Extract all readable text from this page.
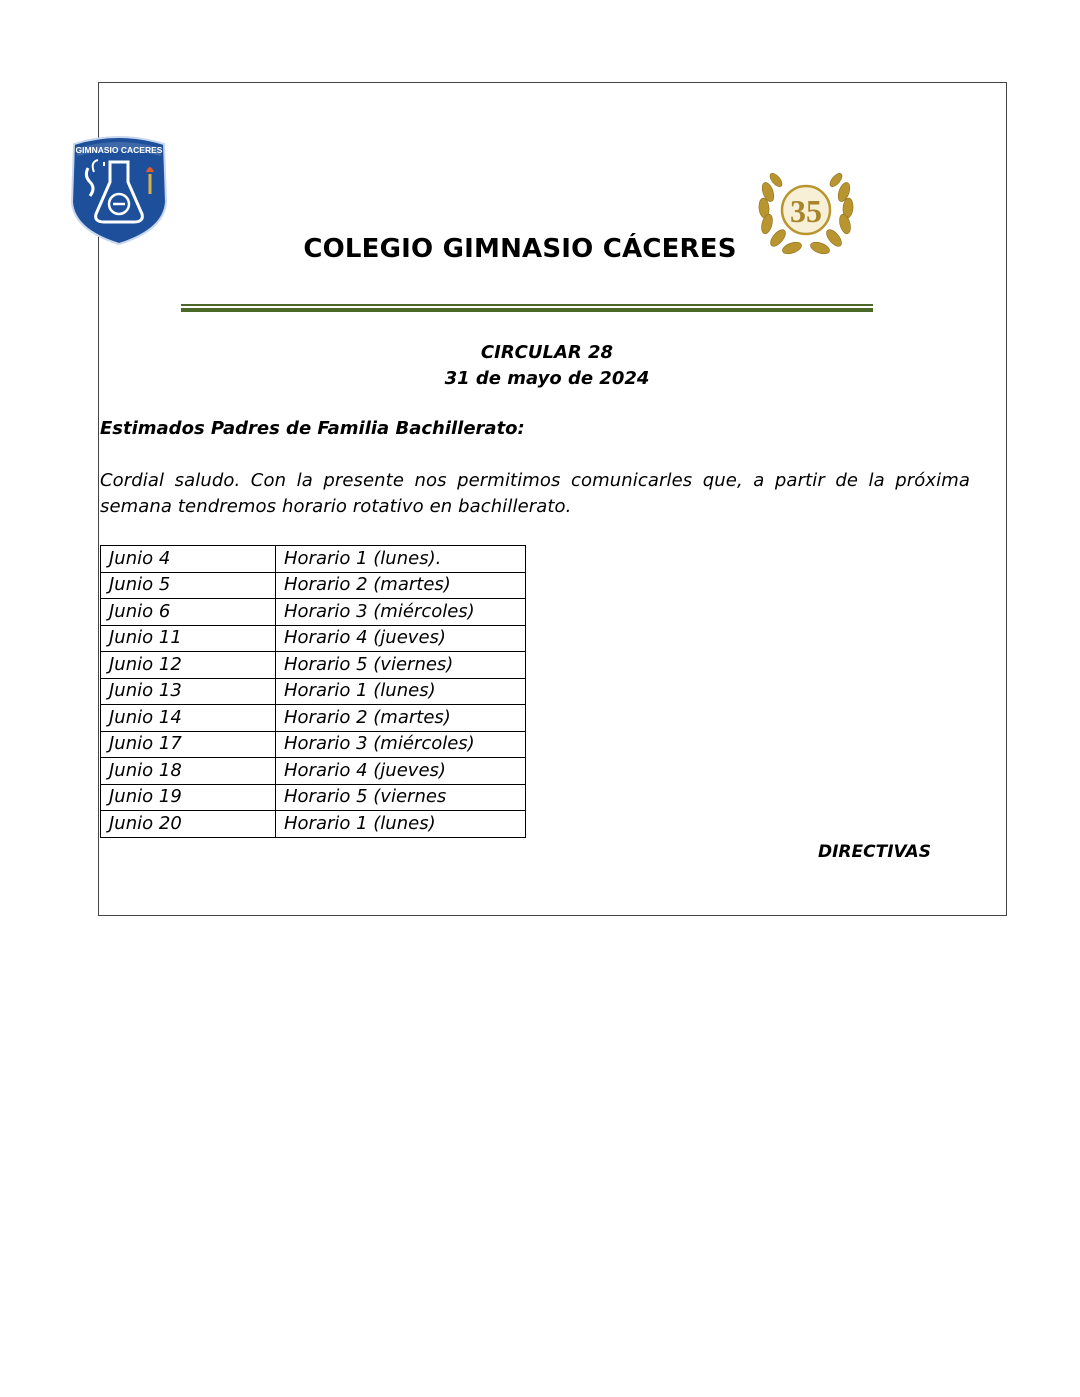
GIMNASIO CACERES
35
COLEGIO GIMNASIO CÁCERES
CIRCULAR 28
31 de mayo de 2024
Estimados Padres de Familia Bachillerato:
Cordial saludo. Con la presente nos permitimos comunicarles que, a partir de la próxima semana tendremos horario rotativo en bachillerato.
Junio 4	Horario 1 (lunes).
Junio 5	Horario 2 (martes)
Junio 6	Horario 3 (miércoles)
Junio 11	Horario 4 (jueves)
Junio 12	Horario 5 (viernes)
Junio 13	Horario 1 (lunes)
Junio 14	Horario 2 (martes)
Junio 17	Horario 3 (miércoles)
Junio 18	Horario 4 (jueves)
Junio 19	Horario 5 (viernes
Junio 20	Horario 1 (lunes)
DIRECTIVAS
